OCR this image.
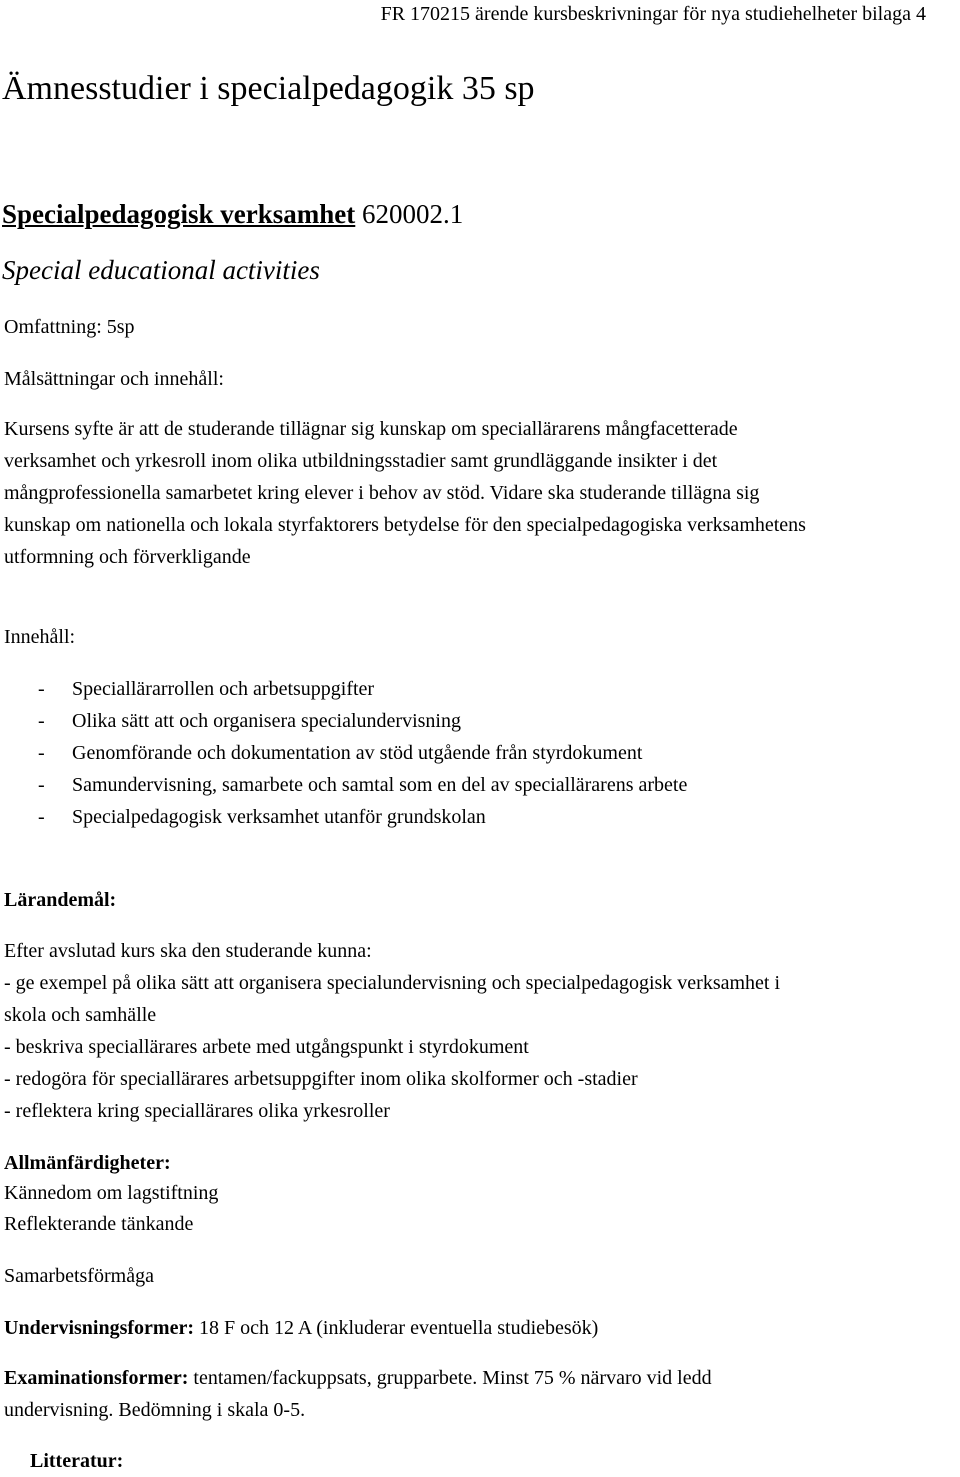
FR 170215 ärende kursbeskrivningar för nya studiehelheter bilaga 4
Ämnesstudier i specialpedagogik 35 sp
Specialpedagogisk verksamhet 620002.1
Special educational activities
Omfattning: 5sp
Målsättningar och innehåll:
Kursens syfte är att de studerande tillägnar sig kunskap om speciallärarens mångfacetterade
verksamhet och yrkesroll inom olika utbildningsstadier samt grundläggande insikter i det
mångprofessionella samarbetet kring elever i behov av stöd. Vidare ska studerande tillägna sig
kunskap om nationella och lokala styrfaktorers betydelse för den specialpedagogiska verksamhetens
utformning och förverkligande
Innehåll:
-	Speciallärarrollen och arbetsuppgifter
-	Olika sätt att och organisera specialundervisning
-	Genomförande och dokumentation av stöd utgående från styrdokument
-	Samundervisning, samarbete och samtal som en del av speciallärarens arbete
-	Specialpedagogisk verksamhet utanför grundskolan
Lärandemål:
Efter avslutad kurs ska den studerande kunna:
- ge exempel på olika sätt att organisera specialundervisning och specialpedagogisk verksamhet i
skola och samhälle
- beskriva speciallärares arbete med utgångspunkt i styrdokument
- redogöra för speciallärares arbetsuppgifter inom olika skolformer och -stadier
- reflektera kring speciallärares olika yrkesroller
Allmänfärdigheter:
Kännedom om lagstiftning
Reflekterande tänkande
Samarbetsförmåga
Undervisningsformer: 18 F och 12 A (inkluderar eventuella studiebesök)
Examinationsformer: tentamen/fackuppsats, grupparbete. Minst 75 % närvaro vid ledd
undervisning. Bedömning i skala 0-5.
Litteratur:
